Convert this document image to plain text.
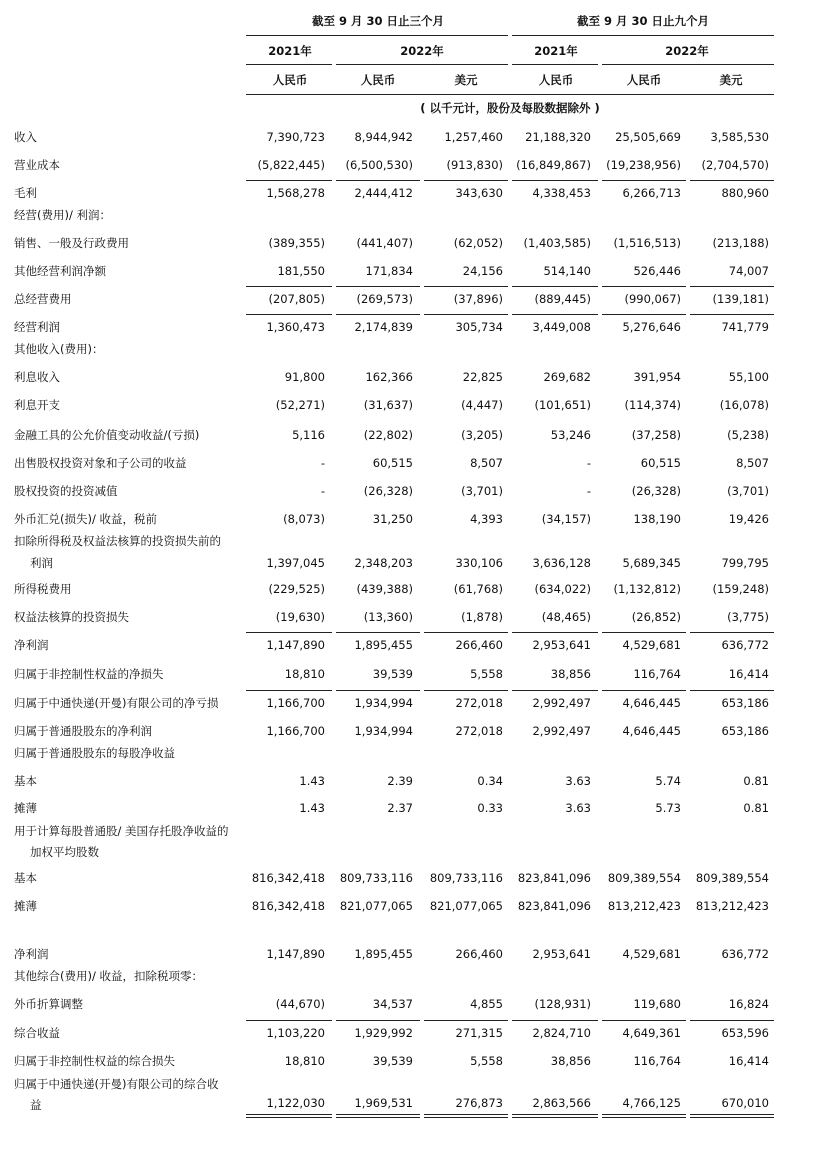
截至 9 月 30 日止三个月	截至 9 月 30 日止九个月
2021年	2022年	2021年	2022年
人民币	人民币	美元	人民币	人民币	美元
( 以千元计，股份及每股数据除外 )
收入	7,390,723	8,944,942	1,257,460	21,188,320	25,505,669	3,585,530
营业成本	(5,822,445)	(6,500,530)	(913,830)	(16,849,867)	(19,238,956)	(2,704,570)
毛利	1,568,278	2,444,412	343,630	4,338,453	6,266,713	880,960
经营(费用)/ 利润：
销售、一般及行政费用	(389,355)	(441,407)	(62,052)	(1,403,585)	(1,516,513)	(213,188)
其他经营利润净额	181,550	171,834	24,156	514,140	526,446	74,007
总经营费用	(207,805)	(269,573)	(37,896)	(889,445)	(990,067)	(139,181)
经营利润	1,360,473	2,174,839	305,734	3,449,008	5,276,646	741,779
其他收入(费用)：
利息收入	91,800	162,366	22,825	269,682	391,954	55,100
利息开支	(52,271)	(31,637)	(4,447)	(101,651)	(114,374)	(16,078)
金融工具的公允价值变动收益/(亏损)	5,116	(22,802)	(3,205)	53,246	(37,258)	(5,238)
出售股权投资对象和子公司的收益	-	60,515	8,507	-	60,515	8,507
股权投资的投资减值	-	(26,328)	(3,701)	-	(26,328)	(3,701)
外币汇兑(损失)/ 收益，税前	(8,073)	31,250	4,393	(34,157)	138,190	19,426
扣除所得税及权益法核算的投资损失前的
利润	1,397,045	2,348,203	330,106	3,636,128	5,689,345	799,795
所得税费用	(229,525)	(439,388)	(61,768)	(634,022)	(1,132,812)	(159,248)
权益法核算的投资损失	(19,630)	(13,360)	(1,878)	(48,465)	(26,852)	(3,775)
净利润	1,147,890	1,895,455	266,460	2,953,641	4,529,681	636,772
归属于非控制性权益的净损失	18,810	39,539	5,558	38,856	116,764	16,414
归属于中通快递(开曼)有限公司的净亏损	1,166,700	1,934,994	272,018	2,992,497	4,646,445	653,186
归属于普通股股东的净利润	1,166,700	1,934,994	272,018	2,992,497	4,646,445	653,186
归属于普通股股东的每股净收益
基本	1.43	2.39	0.34	3.63	5.74	0.81
摊薄	1.43	2.37	0.33	3.63	5.73	0.81
用于计算每股普通股/ 美国存托股净收益的
加权平均股数
基本	816,342,418	809,733,116	809,733,116	823,841,096	809,389,554	809,389,554
摊薄	816,342,418	821,077,065	821,077,065	823,841,096	813,212,423	813,212,423
净利润	1,147,890	1,895,455	266,460	2,953,641	4,529,681	636,772
其他综合(费用)/ 收益，扣除税项零：
外币折算调整	(44,670)	34,537	4,855	(128,931)	119,680	16,824
综合收益	1,103,220	1,929,992	271,315	2,824,710	4,649,361	653,596
归属于非控制性权益的综合损失	18,810	39,539	5,558	38,856	116,764	16,414
归属于中通快递(开曼)有限公司的综合收
益	1,122,030	1,969,531	276,873	2,863,566	4,766,125	670,010
